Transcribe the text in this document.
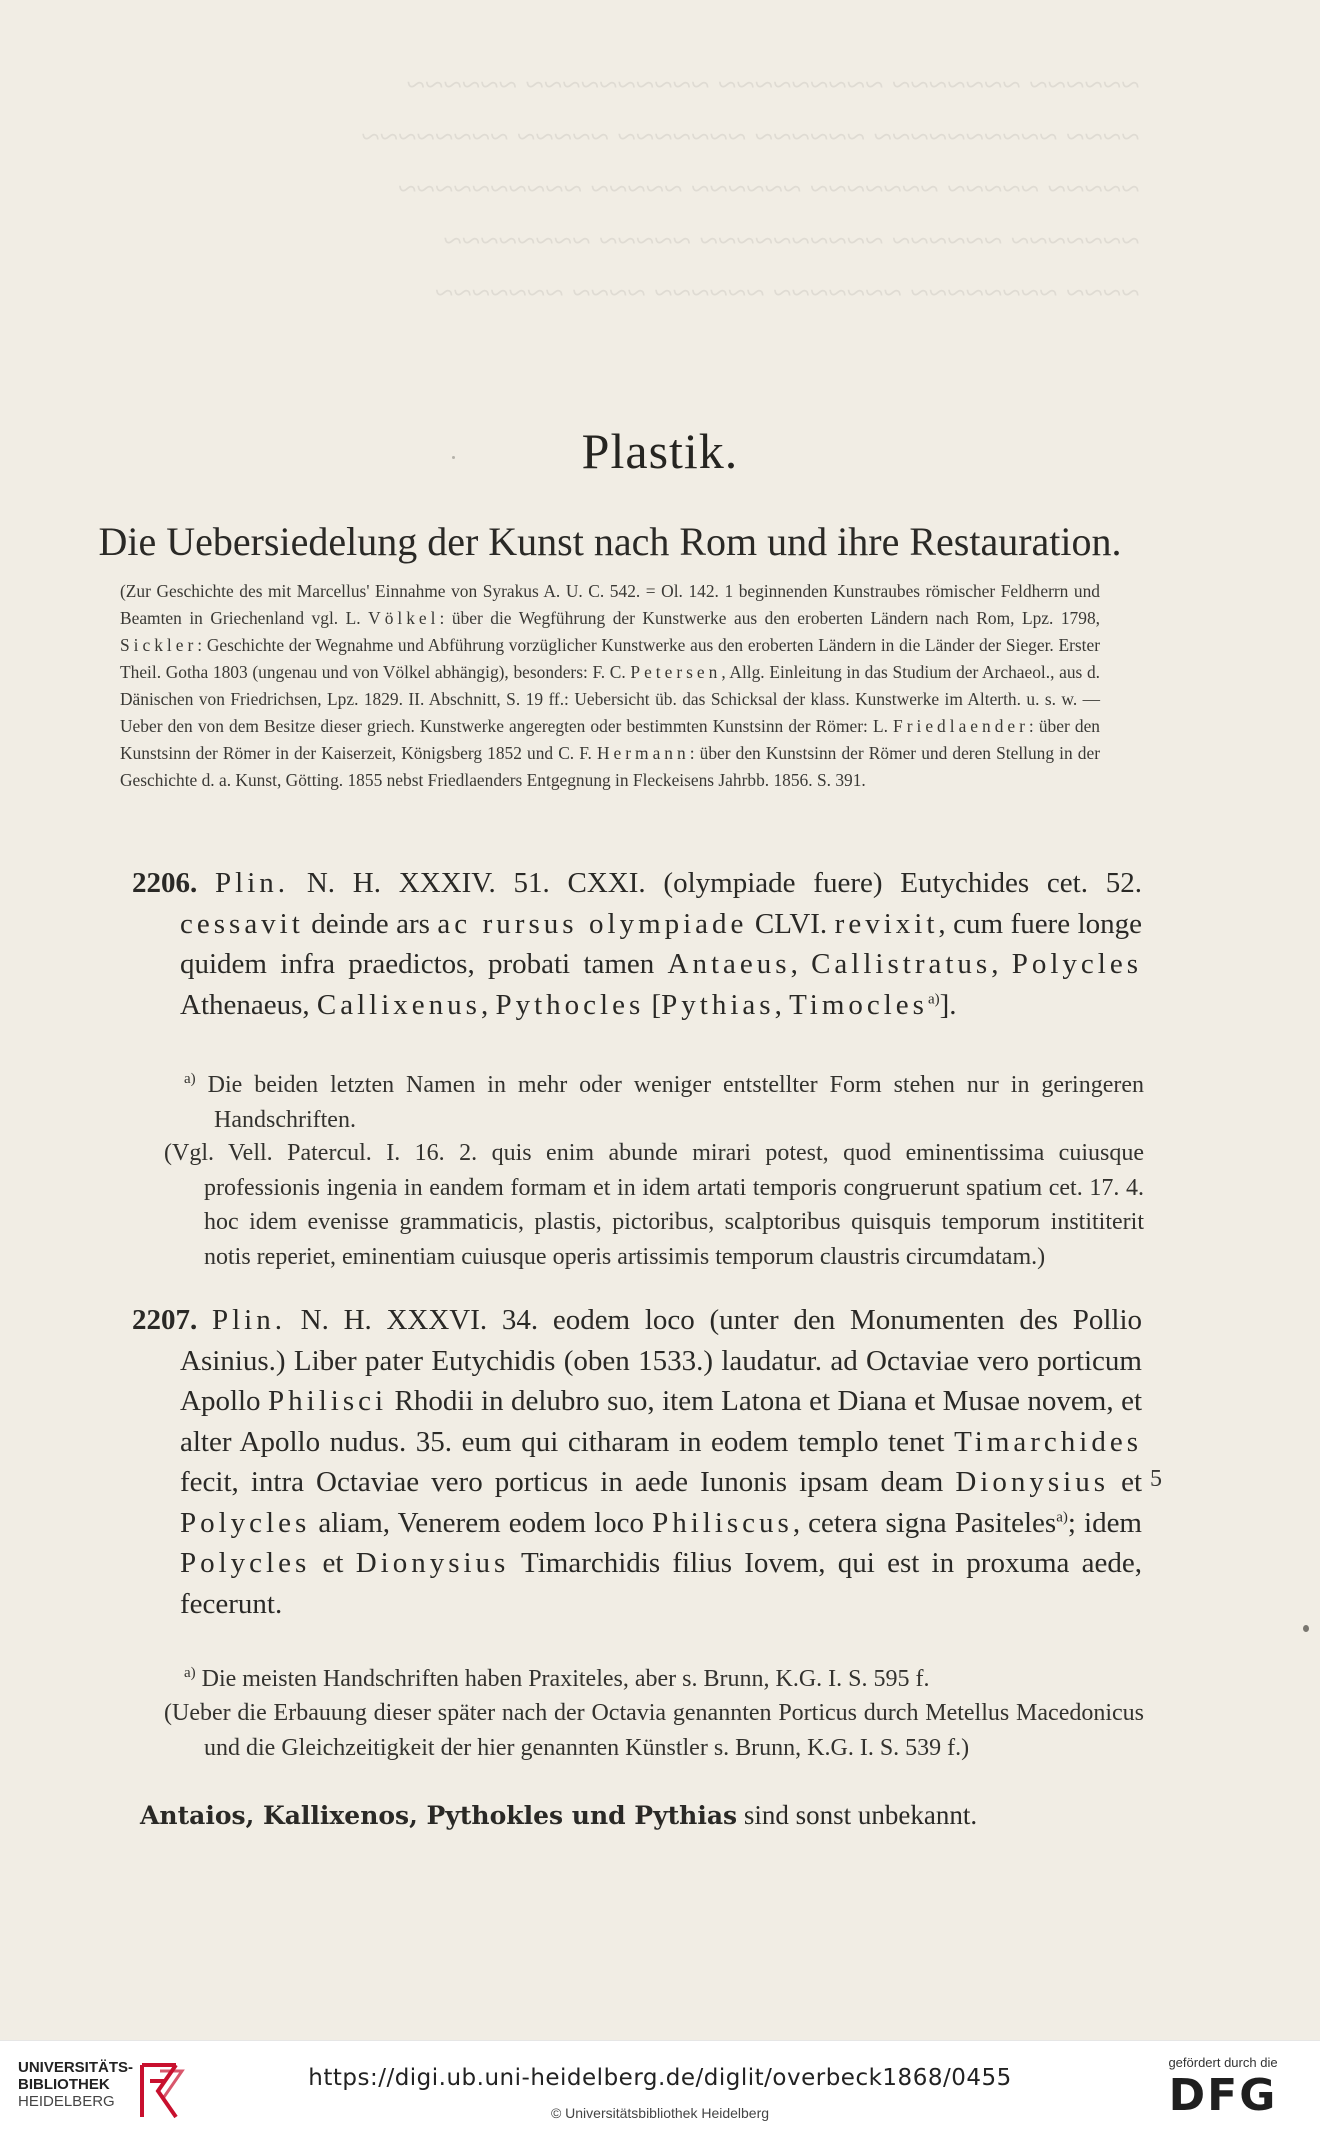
~~~~~~ ~~~~~~~ ~~~~~~~~~ ~~~~~~~~~~ ~~~~~~
~~~~ ~~~~~~~~~~ ~~~~~~ ~~~~~~~ ~~~~~ ~~~~~~~~
~~~~~ ~~~~~ ~~~~~~~ ~~~~~~ ~~~~~ ~~~~~~~~~~
~~~~~~~ ~~~~~~ ~~~~~~~~~~ ~~~~~ ~~~~~~~~
~~~~ ~~~~~~~~ ~~~~~~~ ~~~~~~ ~~~~ ~~~~~~~
Plastik.
Die Uebersiedelung der Kunst nach Rom und ihre Restauration.

(Zur Geschichte des mit Marcellus' Einnahme von Syrakus A. U. C. 542. = Ol. 142. 1 beginnenden Kunstraubes römischer Feldherrn und Beamten in Griechenland vgl. L. Völkel: über die Wegführung der Kunstwerke aus den eroberten Ländern nach Rom, Lpz. 1798, Sickler: Geschichte der Wegnahme und Abführung vorzüglicher Kunstwerke aus den eroberten Ländern in die Länder der Sieger. Erster Theil. Gotha 1803 (ungenau und von Völkel abhängig), besonders: F. C. Petersen, Allg. Einleitung in das Studium der Archaeol., aus d. Dänischen von Friedrichsen, Lpz. 1829. II. Abschnitt, S. 19 ff.: Uebersicht üb. das Schicksal der klass. Kunstwerke im Alterth. u. s. w. — Ueber den von dem Besitze dieser griech. Kunstwerke angeregten oder bestimmten Kunstsinn der Römer: L. Friedlaender: über den Kunstsinn der Römer in der Kaiserzeit, Königsberg 1852 und C. F. Hermann: über den Kunstsinn der Römer und deren Stellung in der Geschichte d. a. Kunst, Götting. 1855 nebst Friedlaenders Entgegnung in Fleckeisens Jahrbb. 1856. S. 391.

2206. Plin. N. H. XXXIV. 51. CXXI. (olympiade fuere) Eutychides cet. 52. cessavit deinde ars ac rursus olympiade CLVI. revixit, cum fuere longe quidem infra praedictos, probati tamen Antaeus, Callistratus, Polycles Athenaeus, Callixenus, Pythocles [Pythias, Timocles$^{a)}$].

$^{a)}$ Die beiden letzten Namen in mehr oder weniger entstellter Form stehen nur in geringeren Handschriften.

(Vgl. Vell. Patercul. I. 16. 2. quis enim abunde mirari potest, quod eminentissima cuiusque professionis ingenia in eandem formam et in idem artati temporis congruerunt spatium cet. 17. 4. hoc idem evenisse grammaticis, plastis, pictoribus, scalptoribus quisquis temporum instititerit notis reperiet, eminentiam cuiusque operis artissimis temporum claustris circumdatam.)

2207. Plin. N. H. XXXVI. 34. eodem loco (unter den Monumenten des Pollio Asinius.) Liber pater Eutychidis (oben 1533.) laudatur. ad Octaviae vero porticum Apollo Philisci Rhodii in delubro suo, item Latona et Diana et Musae novem, et alter Apollo nudus. 35. eum qui citharam in eodem templo tenet Timarchides fecit, intra Octaviae vero porticus in aede Iunonis ipsam deam Dionysius et Polycles aliam, Venerem eodem loco Philiscus, cetera signa Pasiteles$^{a)}$; idem Polycles et Dionysius Timarchidis filius Iovem, qui est in proxuma aede, fecerunt.

5

$^{a)}$ Die meisten Handschriften haben Praxiteles, aber s. Brunn, K.G. I. S. 595 f.

(Ueber die Erbauung dieser später nach der Octavia genannten Porticus durch Metellus Macedonicus und die Gleichzeitigkeit der hier genannten Künstler s. Brunn, K.G. I. S. 539 f.)

Antaios, Kallixenos, Pythokles und Pythias sind sonst unbekannt.
UNIVERSITÄTS-
BIBLIOTHEK
HEIDELBERG
https://digi.ub.uni-heidelberg.de/diglit/overbeck1868/0455
© Universitätsbibliothek Heidelberg
gefördert durch die
DFG
